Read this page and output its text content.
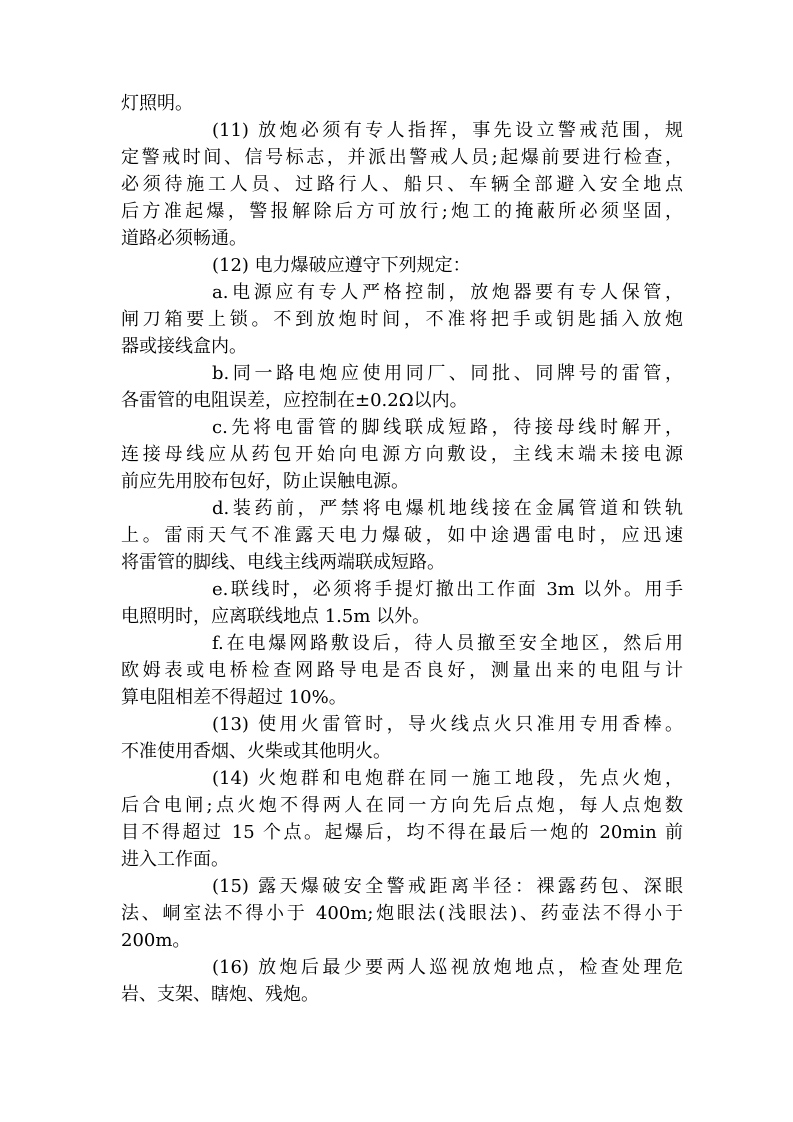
灯照明。
(11) 放炮必须有专人指挥，事先设立警戒范围，规
定警戒时间、信号标志，并派出警戒人员;起爆前要进行检查，
必须待施工人员、过路行人、船只、车辆全部避入安全地点
后方准起爆，警报解除后方可放行;炮工的掩蔽所必须坚固，
道路必须畅通。
(12) 电力爆破应遵守下列规定：
a.电源应有专人严格控制，放炮器要有专人保管，
闸刀箱要上锁。不到放炮时间，不准将把手或钥匙插入放炮
器或接线盒内。
b.同一路电炮应使用同厂、同批、同牌号的雷管，
各雷管的电阻误差，应控制在±0.2Ω以内。
c.先将电雷管的脚线联成短路，待接母线时解开，
连接母线应从药包开始向电源方向敷设，主线末端未接电源
前应先用胶布包好，防止误触电源。
d.装药前，严禁将电爆机地线接在金属管道和铁轨
上。雷雨天气不准露天电力爆破，如中途遇雷电时，应迅速
将雷管的脚线、电线主线两端联成短路。
e.联线时，必须将手提灯撤出工作面 3m 以外。用手
电照明时，应离联线地点 1.5m 以外。
f.在电爆网路敷设后，待人员撤至安全地区，然后用
欧姆表或电桥检查网路导电是否良好，测量出来的电阻与计
算电阻相差不得超过 10%。
(13) 使用火雷管时，导火线点火只准用专用香棒。
不准使用香烟、火柴或其他明火。
(14) 火炮群和电炮群在同一施工地段，先点火炮，
后合电闸;点火炮不得两人在同一方向先后点炮，每人点炮数
目不得超过 15 个点。起爆后，均不得在最后一炮的 20min 前
进入工作面。
(15) 露天爆破安全警戒距离半径：裸露药包、深眼
法、峒室法不得小于 400m;炮眼法(浅眼法)、药壶法不得小于
200m。
(16) 放炮后最少要两人巡视放炮地点，检查处理危
岩、支架、瞎炮、残炮。
